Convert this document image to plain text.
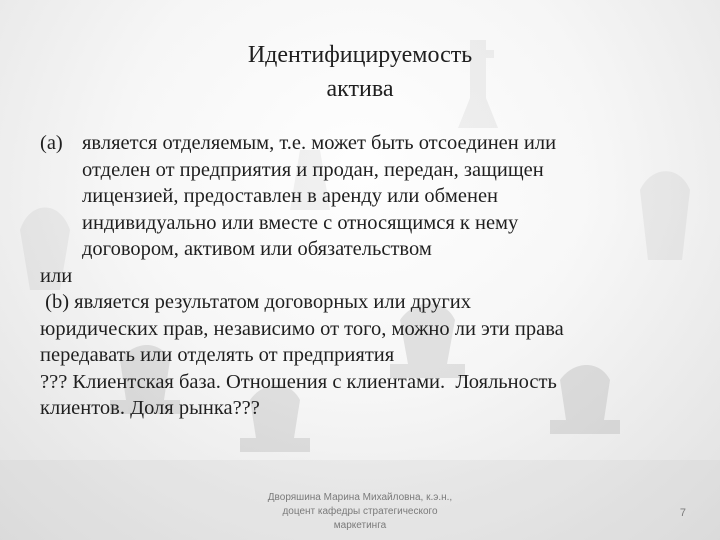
Идентифицируемость
актива
(a) является отделяемым, т.е. может быть отсоединен или
отделен от предприятия и продан, передан, защищен
лицензией, предоставлен в аренду или обменен
индивидуально или вместе с относящимся к нему
договором, активом или обязательством
или
(b) является результатом договорных или других
юридических прав, независимо от того, можно ли эти права
передавать или отделять от предприятия
??? Клиентская база. Отношения с клиентами.  Лояльность
клиентов. Доля рынка???
Дворяшина Марина Михайловна, к.э.н.,
доцент кафедры стратегического
маркетинга
7
